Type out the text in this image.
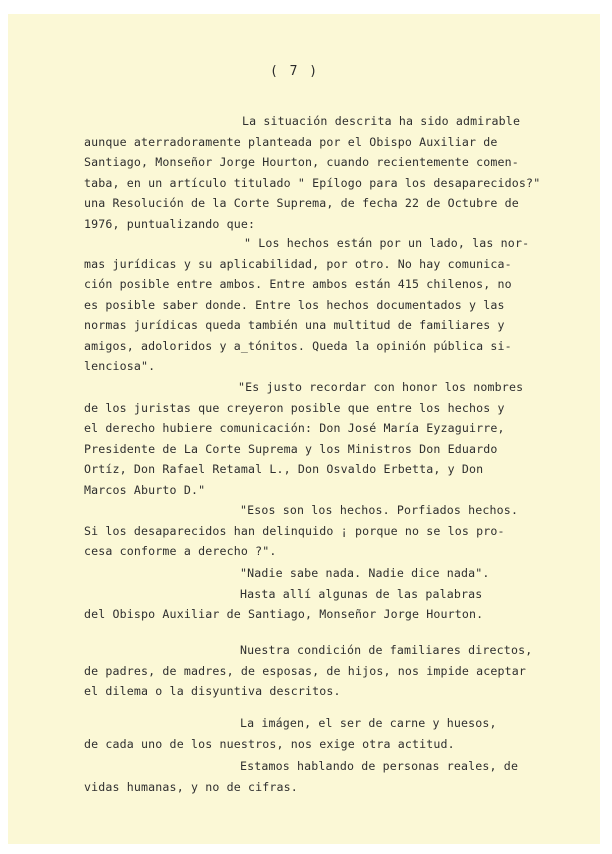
( 7 )
La situación descrita ha sido admirable
aunque aterradoramente planteada por el Obispo Auxiliar de
Santiago, Monseñor Jorge Hourton, cuando recientemente comen-
taba, en un artículo titulado " Epílogo para los desaparecidos?"
una Resolución de la Corte Suprema, de fecha 22 de Octubre de
1976, puntualizando que:
" Los hechos están por un lado, las nor-
mas jurídicas y su aplicabilidad, por otro. No hay comunica-
ción posible entre ambos. Entre ambos están 415 chilenos, no
es posible saber donde. Entre los hechos documentados y las
normas jurídicas queda también una multitud de familiares y
amigos, adoloridos y a_tónitos. Queda la opinión pública si-
lenciosa".
"Es justo recordar con honor los nombres
de los juristas que creyeron posible que entre los hechos y
el derecho hubiere comunicación: Don José María Eyzaguirre,
Presidente de La Corte Suprema y los Ministros Don Eduardo
Ortíz, Don Rafael Retamal L., Don Osvaldo Erbetta, y Don
Marcos Aburto D."
"Esos son los hechos. Porfiados hechos.
Si los desaparecidos han delinquido ¡ porque no se los pro-
cesa conforme a derecho ?".
"Nadie sabe nada. Nadie dice nada".
Hasta allí algunas de las palabras
del Obispo Auxiliar de Santiago, Monseñor Jorge Hourton.
Nuestra condición de familiares directos,
de padres, de madres, de esposas, de hijos, nos impide aceptar
el dilema o la disyuntiva descritos.
La imágen, el ser de carne y huesos,
de cada uno de los nuestros, nos exige otra actitud.
Estamos hablando de personas reales, de
vidas humanas, y no de cifras.
